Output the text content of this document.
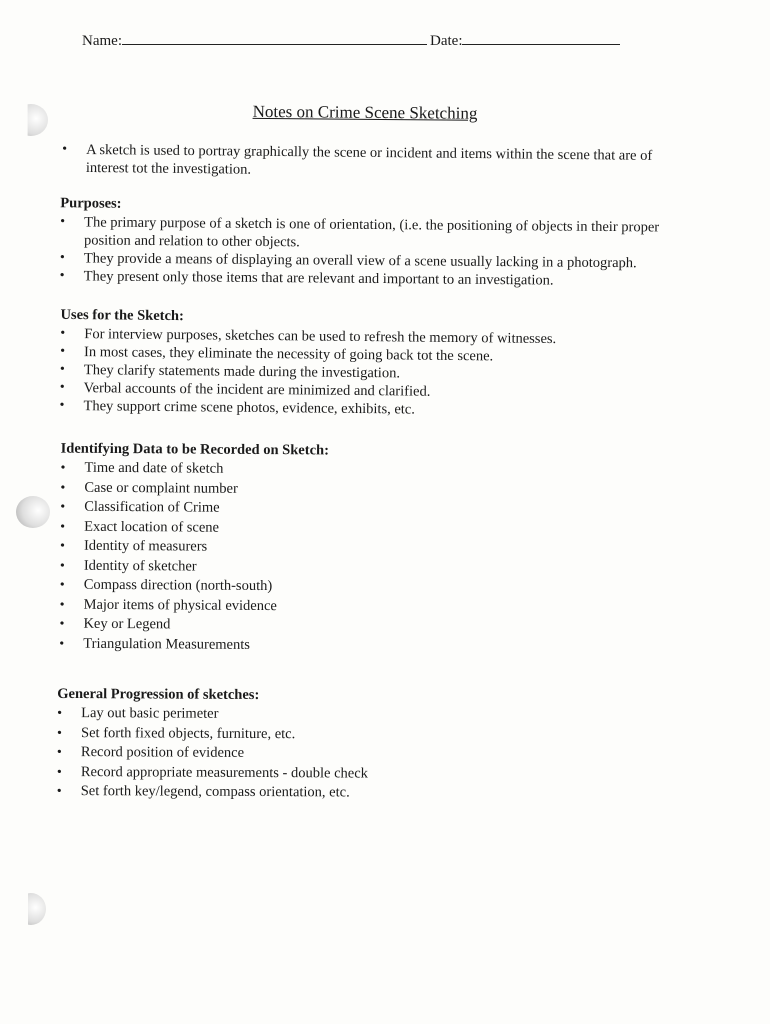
Name:	Date:
Notes on Crime Scene Sketching
• A sketch is used to portray graphically the scene or incident and items within the scene that are of interest tot the investigation.
Purposes:
• The primary purpose of a sketch is one of orientation, (i.e. the positioning of objects in their proper position and relation to other objects.
• They provide a means of displaying an overall view of a scene usually lacking in a photograph.
• They present only those items that are relevant and important to an investigation.
Uses for the Sketch:
• For interview purposes, sketches can be used to refresh the memory of witnesses.
• In most cases, they eliminate the necessity of going back tot the scene.
• They clarify statements made during the investigation.
• Verbal accounts of the incident are minimized and clarified.
• They support crime scene photos, evidence, exhibits, etc.
Identifying Data to be Recorded on Sketch:
• Time and date of sketch
• Case or complaint number
• Classification of Crime
• Exact location of scene
• Identity of measurers
• Identity of sketcher
• Compass direction (north-south)
• Major items of physical evidence
• Key or Legend
• Triangulation Measurements
General Progression of sketches:
• Lay out basic perimeter
• Set forth fixed objects, furniture, etc.
• Record position of evidence
• Record appropriate measurements - double check
• Set forth key/legend, compass orientation, etc.
